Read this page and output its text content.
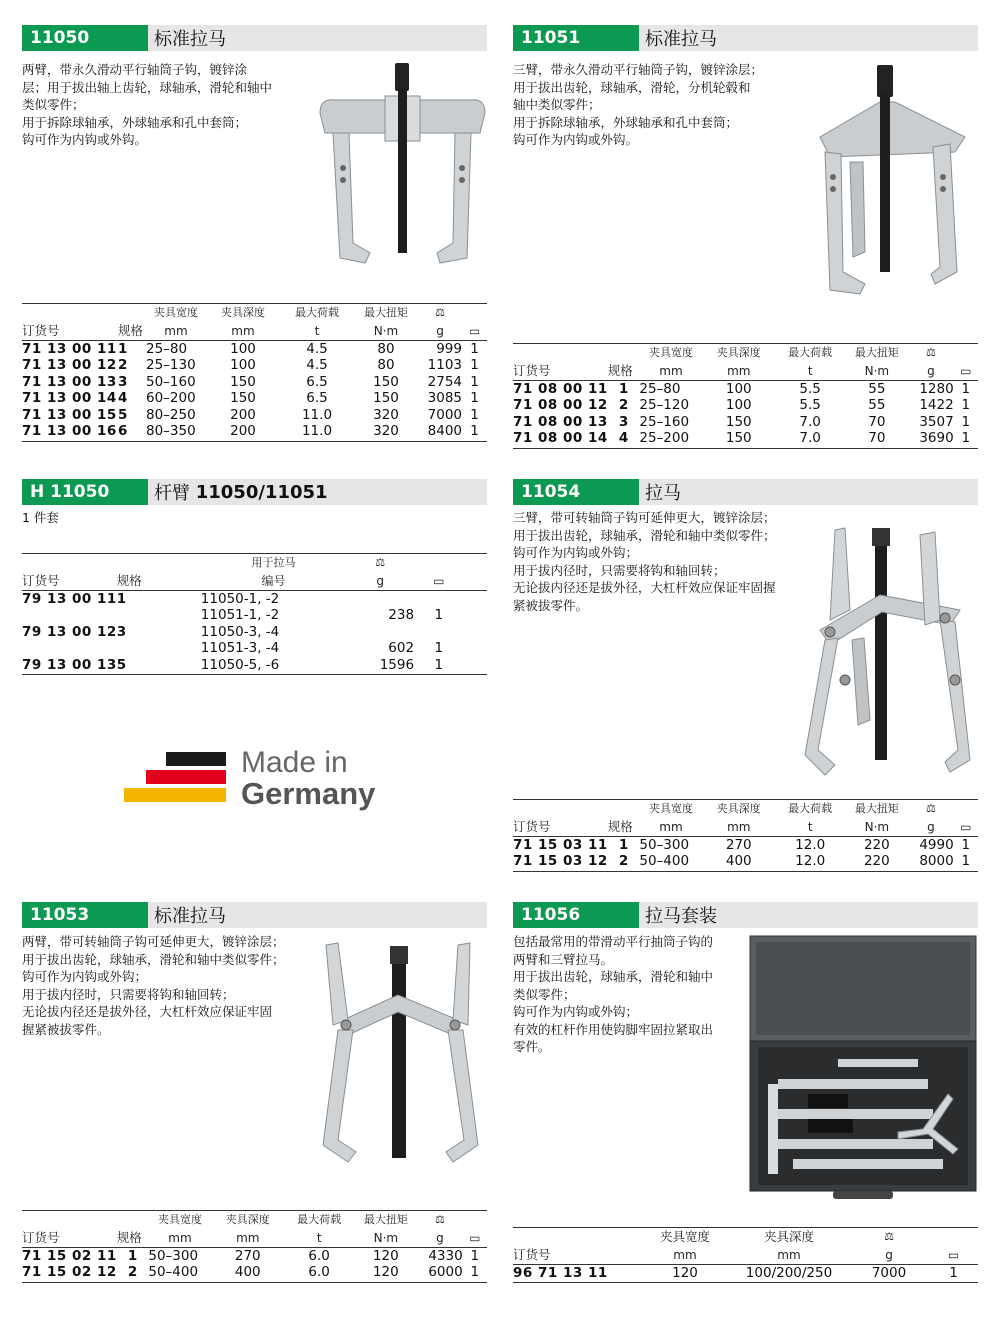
11050	标准拉马
两臂，带永久滑动平行轴筒子钩，镀锌涂
层；用于拔出轴上齿轮，球轴承，滑轮和轴中
类似零件；
用于拆除球轴承，外球轴承和孔中套筒；
钩可作为内钩或外钩。
		夹具宽度	夹具深度	最大荷载	最大扭矩	⚖	
订货号	规格	mm	mm	t	N·m	g	▭
71 13 00 11	1	25–80	100	4.5	80	999	1
71 13 00 12	2	25–130	100	4.5	80	1103	1
71 13 00 13	3	50–160	150	6.5	150	2754	1
71 13 00 14	4	60–200	150	6.5	150	3085	1
71 13 00 15	5	80–250	200	11.0	320	7000	1
71 13 00 16	6	80–350	200	11.0	320	8400	1
11051	标准拉马
三臂，带永久滑动平行轴筒子钩，镀锌涂层；
用于拔出齿轮，球轴承，滑轮，分机轮毂和
轴中类似零件；
用于拆除球轴承，外球轴承和孔中套筒；
钩可作为内钩或外钩。
		夹具宽度	夹具深度	最大荷载	最大扭矩	⚖	
订货号	规格	mm	mm	t	N·m	g	▭
71 08 00 11	1	25–80	100	5.5	55	1280	1
71 08 00 12	2	25–120	100	5.5	55	1422	1
71 08 00 13	3	25–160	150	7.0	70	3507	1
71 08 00 14	4	25–200	150	7.0	70	3690	1
H 11050	杆臂
11050/11051
1 件套
		用于拉马	⚖		
订货号	规格	编号	g	▭	
79 13 00 11	1	11050-1, -2			
		11051-1, -2	238	1	
79 13 00 12	3	11050-3, -4			
		11051-3, -4	602	1	
79 13 00 13	5	11050-5, -6	1596	1	
Made in
Germany
11054	拉马
三臂，带可转轴筒子钩可延伸更大，镀锌涂层；
用于拔出齿轮，球轴承，滑轮和轴中类似零件；
钩可作为内钩或外钩；
用于拔内径时，只需要将钩和轴回转；
无论拔内径还是拔外径，大杠杆效应保证牢固握
紧被拔零件。
		夹具宽度	夹具深度	最大荷载	最大扭矩	⚖	
订货号	规格	mm	mm	t	N·m	g	▭
71 15 03 11	1	50–300	270	12.0	220	4990	1
71 15 03 12	2	50–400	400	12.0	220	8000	1
11053	标准拉马
两臂，带可转轴筒子钩可延伸更大，镀锌涂层；
用于拔出齿轮，球轴承，滑轮和轴中类似零件；
钩可作为内钩或外钩；
用于拔内径时，只需要将钩和轴回转；
无论拔内径还是拔外径，大杠杆效应保证牢固
握紧被拔零件。
		夹具宽度	夹具深度	最大荷载	最大扭矩	⚖	
订货号	规格	mm	mm	t	N·m	g	▭
71 15 02 11	1	50–300	270	6.0	120	4330	1
71 15 02 12	2	50–400	400	6.0	120	6000	1
11056	拉马套装
包括最常用的带滑动平行抽筒子钩的
两臂和三臂拉马。
用于拔出齿轮，球轴承，滑轮和轴中
类似零件；
钩可作为内钩或外钩；
有效的杠杆作用使钩脚牢固拉紧取出
零件。
	夹具宽度	夹具深度	⚖	
订货号	mm	mm	g	▭
96 71 13 11	120	100/200/250	7000	1
